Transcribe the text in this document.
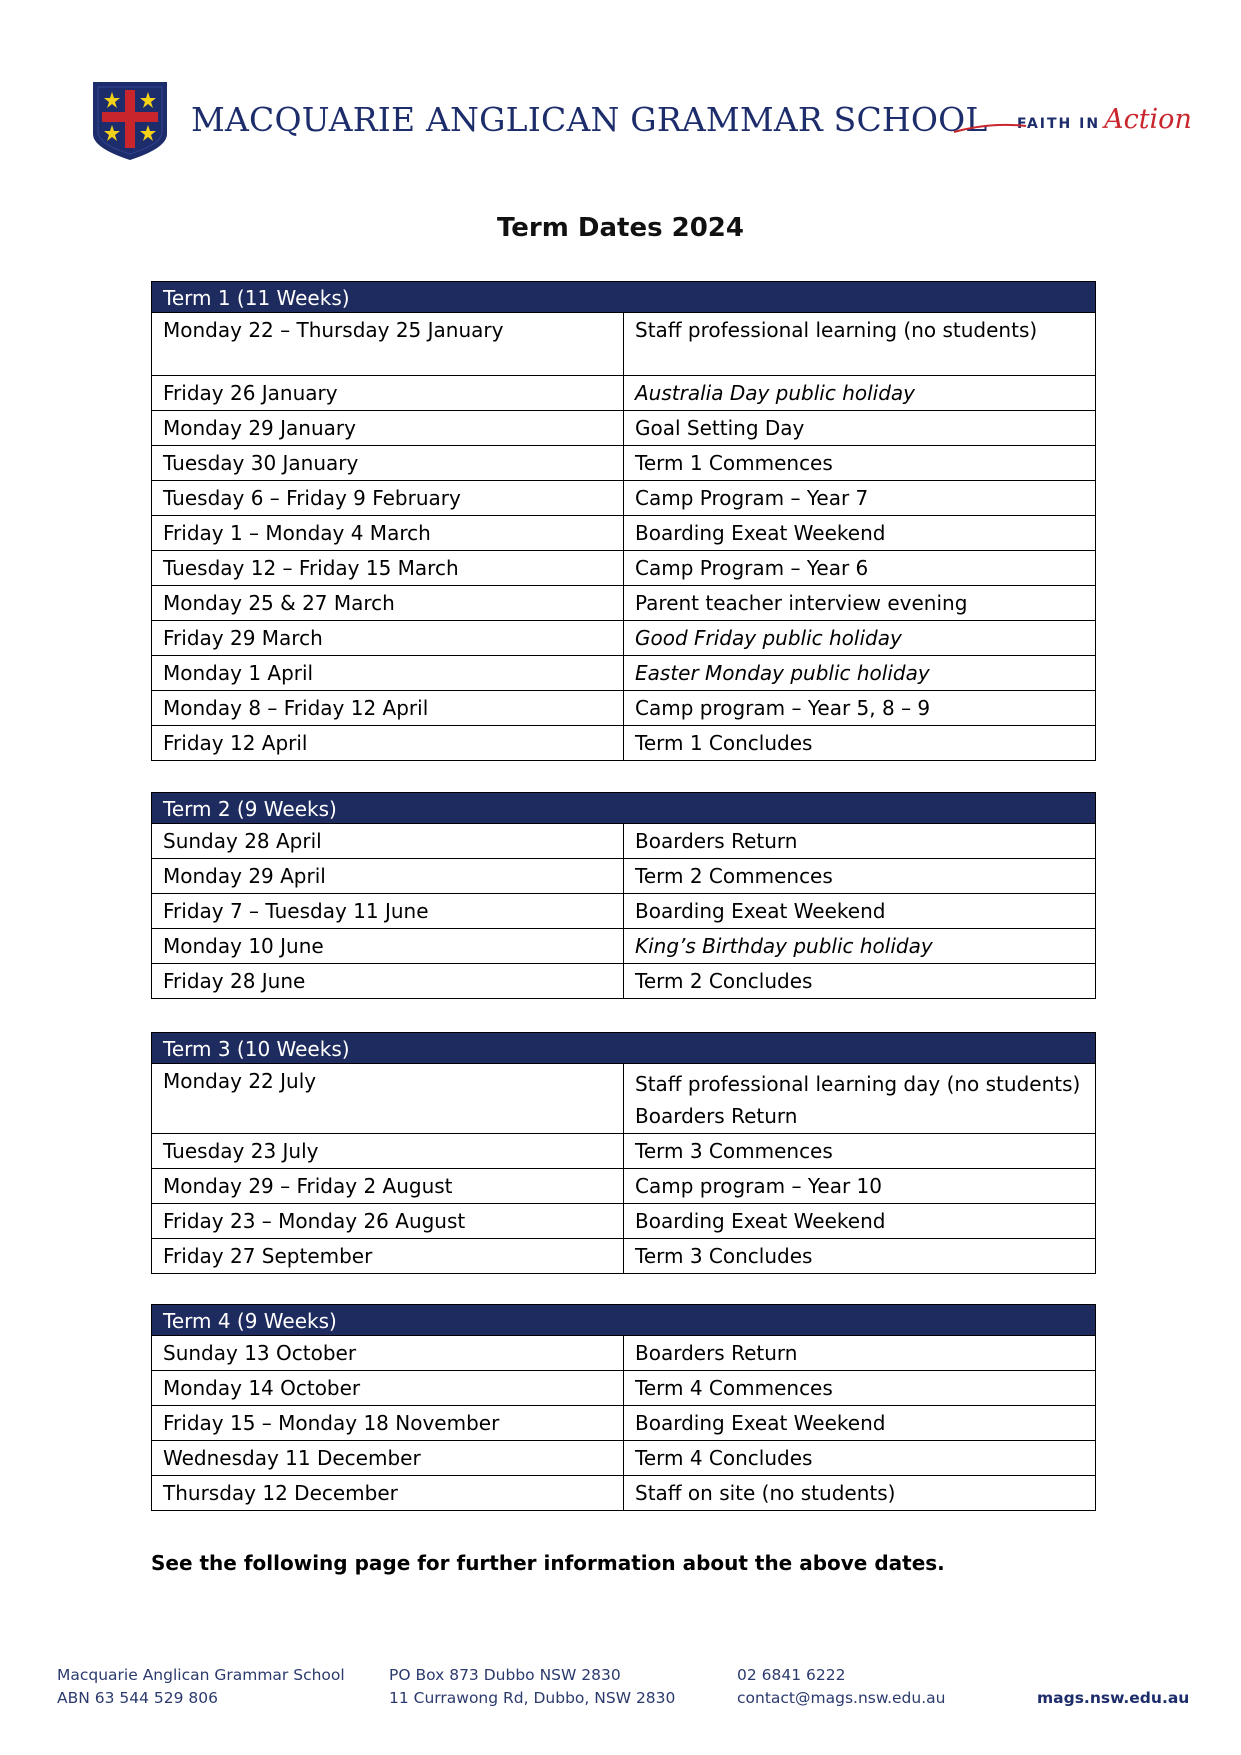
MACQUARIE ANGLICAN GRAMMAR SCHOOL FAITH IN Action
Term Dates 2024
Term 1 (11 Weeks)	
Monday 22 – Thursday 25 January	Staff professional learning (no students)
Friday 26 January	Australia Day public holiday
Monday 29 January	Goal Setting Day
Tuesday 30 January	Term 1 Commences
Tuesday 6 – Friday 9 February	Camp Program – Year 7
Friday 1 – Monday 4 March	Boarding Exeat Weekend
Tuesday 12 – Friday 15 March	Camp Program – Year 6
Monday 25 & 27 March	Parent teacher interview evening
Friday 29 March	Good Friday public holiday
Monday 1 April	Easter Monday public holiday
Monday 8 – Friday 12 April	Camp program – Year 5, 8 – 9
Friday 12 April	Term 1 Concludes
Term 2 (9 Weeks)	
Sunday 28 April	Boarders Return
Monday 29 April	Term 2 Commences
Friday 7 – Tuesday 11 June	Boarding Exeat Weekend
Monday 10 June	King’s Birthday public holiday
Friday 28 June	Term 2 Concludes
Term 3 (10 Weeks)	
Monday 22 July	Staff professional learning day (no students)
Boarders Return

Tuesday 23 July	Term 3 Commences
Monday 29 – Friday 2 August	Camp program – Year 10
Friday 23 – Monday 26 August	Boarding Exeat Weekend
Friday 27 September	Term 3 Concludes
Term 4 (9 Weeks)	
Sunday 13 October	Boarders Return
Monday 14 October	Term 4 Commences
Friday 15 – Monday 18 November	Boarding Exeat Weekend
Wednesday 11 December	Term 4 Concludes
Thursday 12 December	Staff on site (no students)
See the following page for further information about the above dates.
Macquarie Anglican Grammar School
ABN 63 544 529 806
PO Box 873 Dubbo NSW 2830
11 Currawong Rd, Dubbo, NSW 2830
02 6841 6222
contact@mags.nsw.edu.au	mags.nsw.edu.au
